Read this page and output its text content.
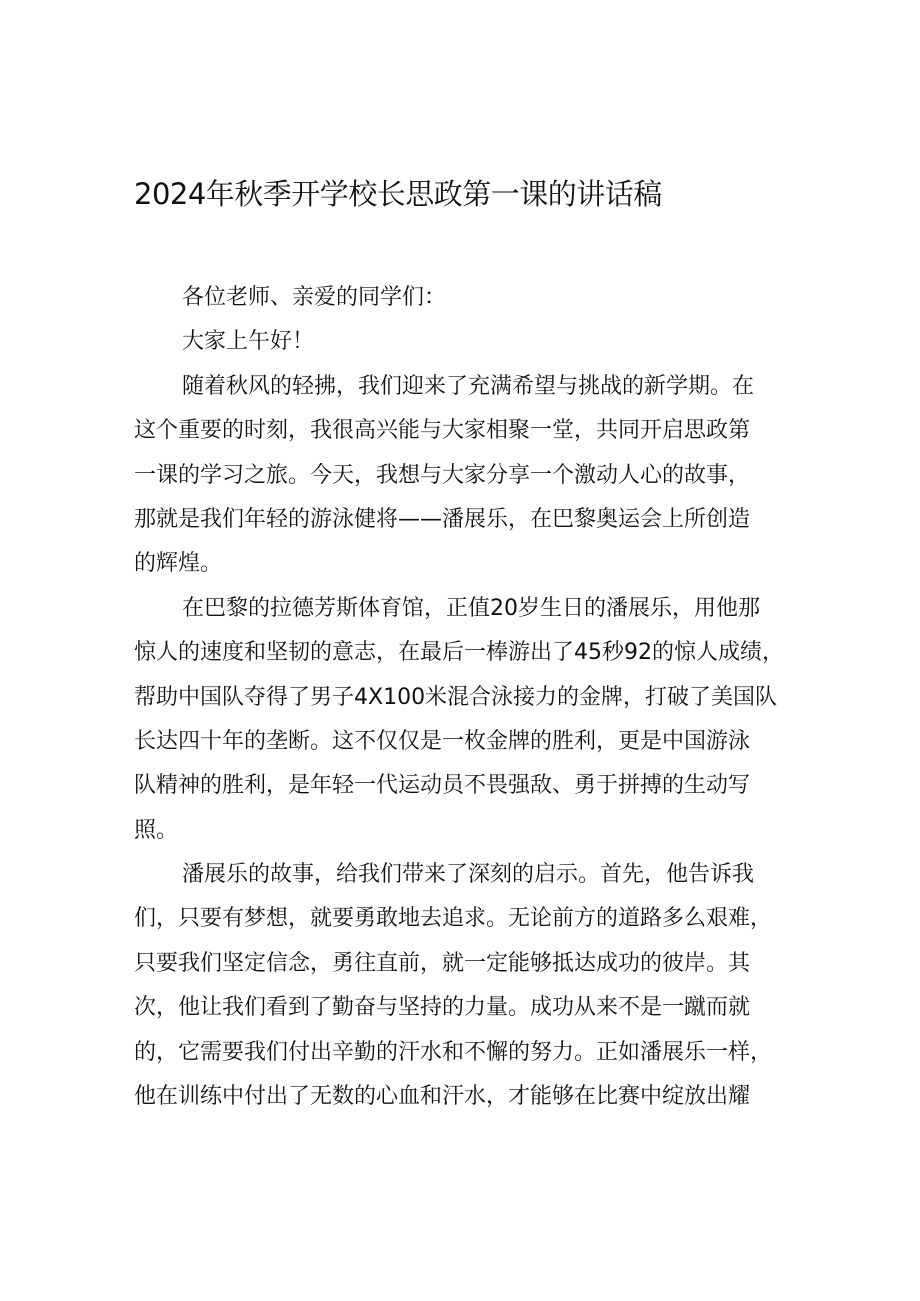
2024年秋季开学校长思政第一课的讲话稿
各位老师、亲爱的同学们：
大家上午好！
随着秋风的轻拂，我们迎来了充满希望与挑战的新学期。在
这个重要的时刻，我很高兴能与大家相聚一堂，共同开启思政第
一课的学习之旅。今天，我想与大家分享一个激动人心的故事，
那就是我们年轻的游泳健将——潘展乐，在巴黎奥运会上所创造
的辉煌。
在巴黎的拉德芳斯体育馆，正值20岁生日的潘展乐，用他那
惊人的速度和坚韧的意志，在最后一棒游出了45秒92的惊人成绩，
帮助中国队夺得了男子4X100米混合泳接力的金牌，打破了美国队
长达四十年的垄断。这不仅仅是一枚金牌的胜利，更是中国游泳
队精神的胜利，是年轻一代运动员不畏强敌、勇于拼搏的生动写
照。
潘展乐的故事，给我们带来了深刻的启示。首先，他告诉我
们，只要有梦想，就要勇敢地去追求。无论前方的道路多么艰难，
只要我们坚定信念，勇往直前，就一定能够抵达成功的彼岸。其
次，他让我们看到了勤奋与坚持的力量。成功从来不是一蹴而就
的，它需要我们付出辛勤的汗水和不懈的努力。正如潘展乐一样，
他在训练中付出了无数的心血和汗水，才能够在比赛中绽放出耀
